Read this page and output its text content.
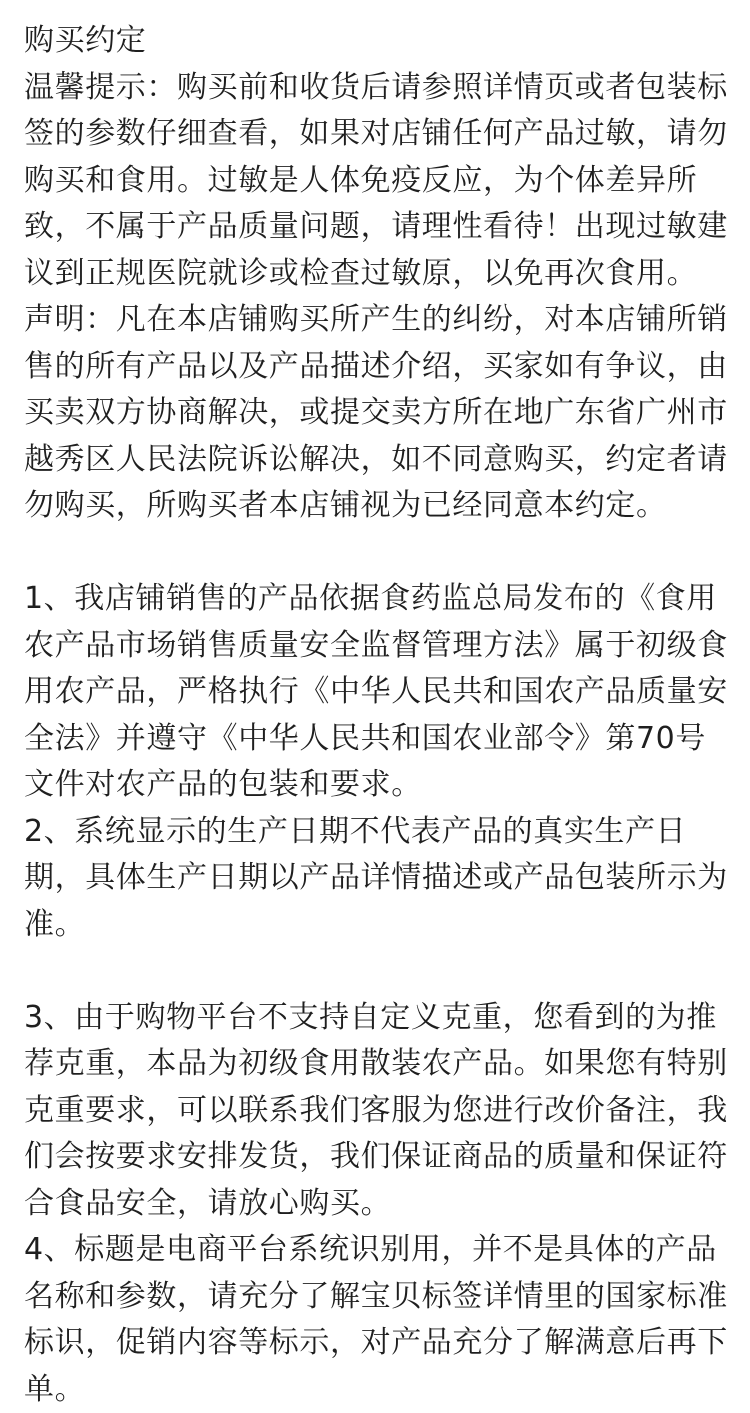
购买约定

温馨提示：购买前和收货后请参照详情页或者包装标签的参数仔细查看，如果对店铺任何产品过敏，请勿购买和食用。过敏是人体免疫反应，为个体差异所致，不属于产品质量问题，请理性看待！出现过敏建议到正规医院就诊或检查过敏原，以免再次食用。

声明：凡在本店铺购买所产生的纠纷，对本店铺所销售的所有产品以及产品描述介绍，买家如有争议，由买卖双方协商解决，或提交卖方所在地广东省广州市越秀区人民法院诉讼解决，如不同意购买，约定者请勿购买，所购买者本店铺视为已经同意本约定。

1、我店铺销售的产品依据食药监总局发布的《食用农产品市场销售质量安全监督管理方法》属于初级食用农产品，严格执行《中华人民共和国农产品质量安全法》并遵守《中华人民共和国农业部令》第70号文件对农产品的包装和要求。

2、系统显示的生产日期不代表产品的真实生产日期，具体生产日期以产品详情描述或产品包装所示为准。

3、由于购物平台不支持自定义克重，您看到的为推荐克重，本品为初级食用散装农产品。如果您有特别克重要求，可以联系我们客服为您进行改价备注，我们会按要求安排发货，我们保证商品的质量和保证符合食品安全，请放心购买。

4、标题是电商平台系统识别用，并不是具体的产品名称和参数，请充分了解宝贝标签详情里的国家标准标识，促销内容等标示，对产品充分了解满意后再下单。
